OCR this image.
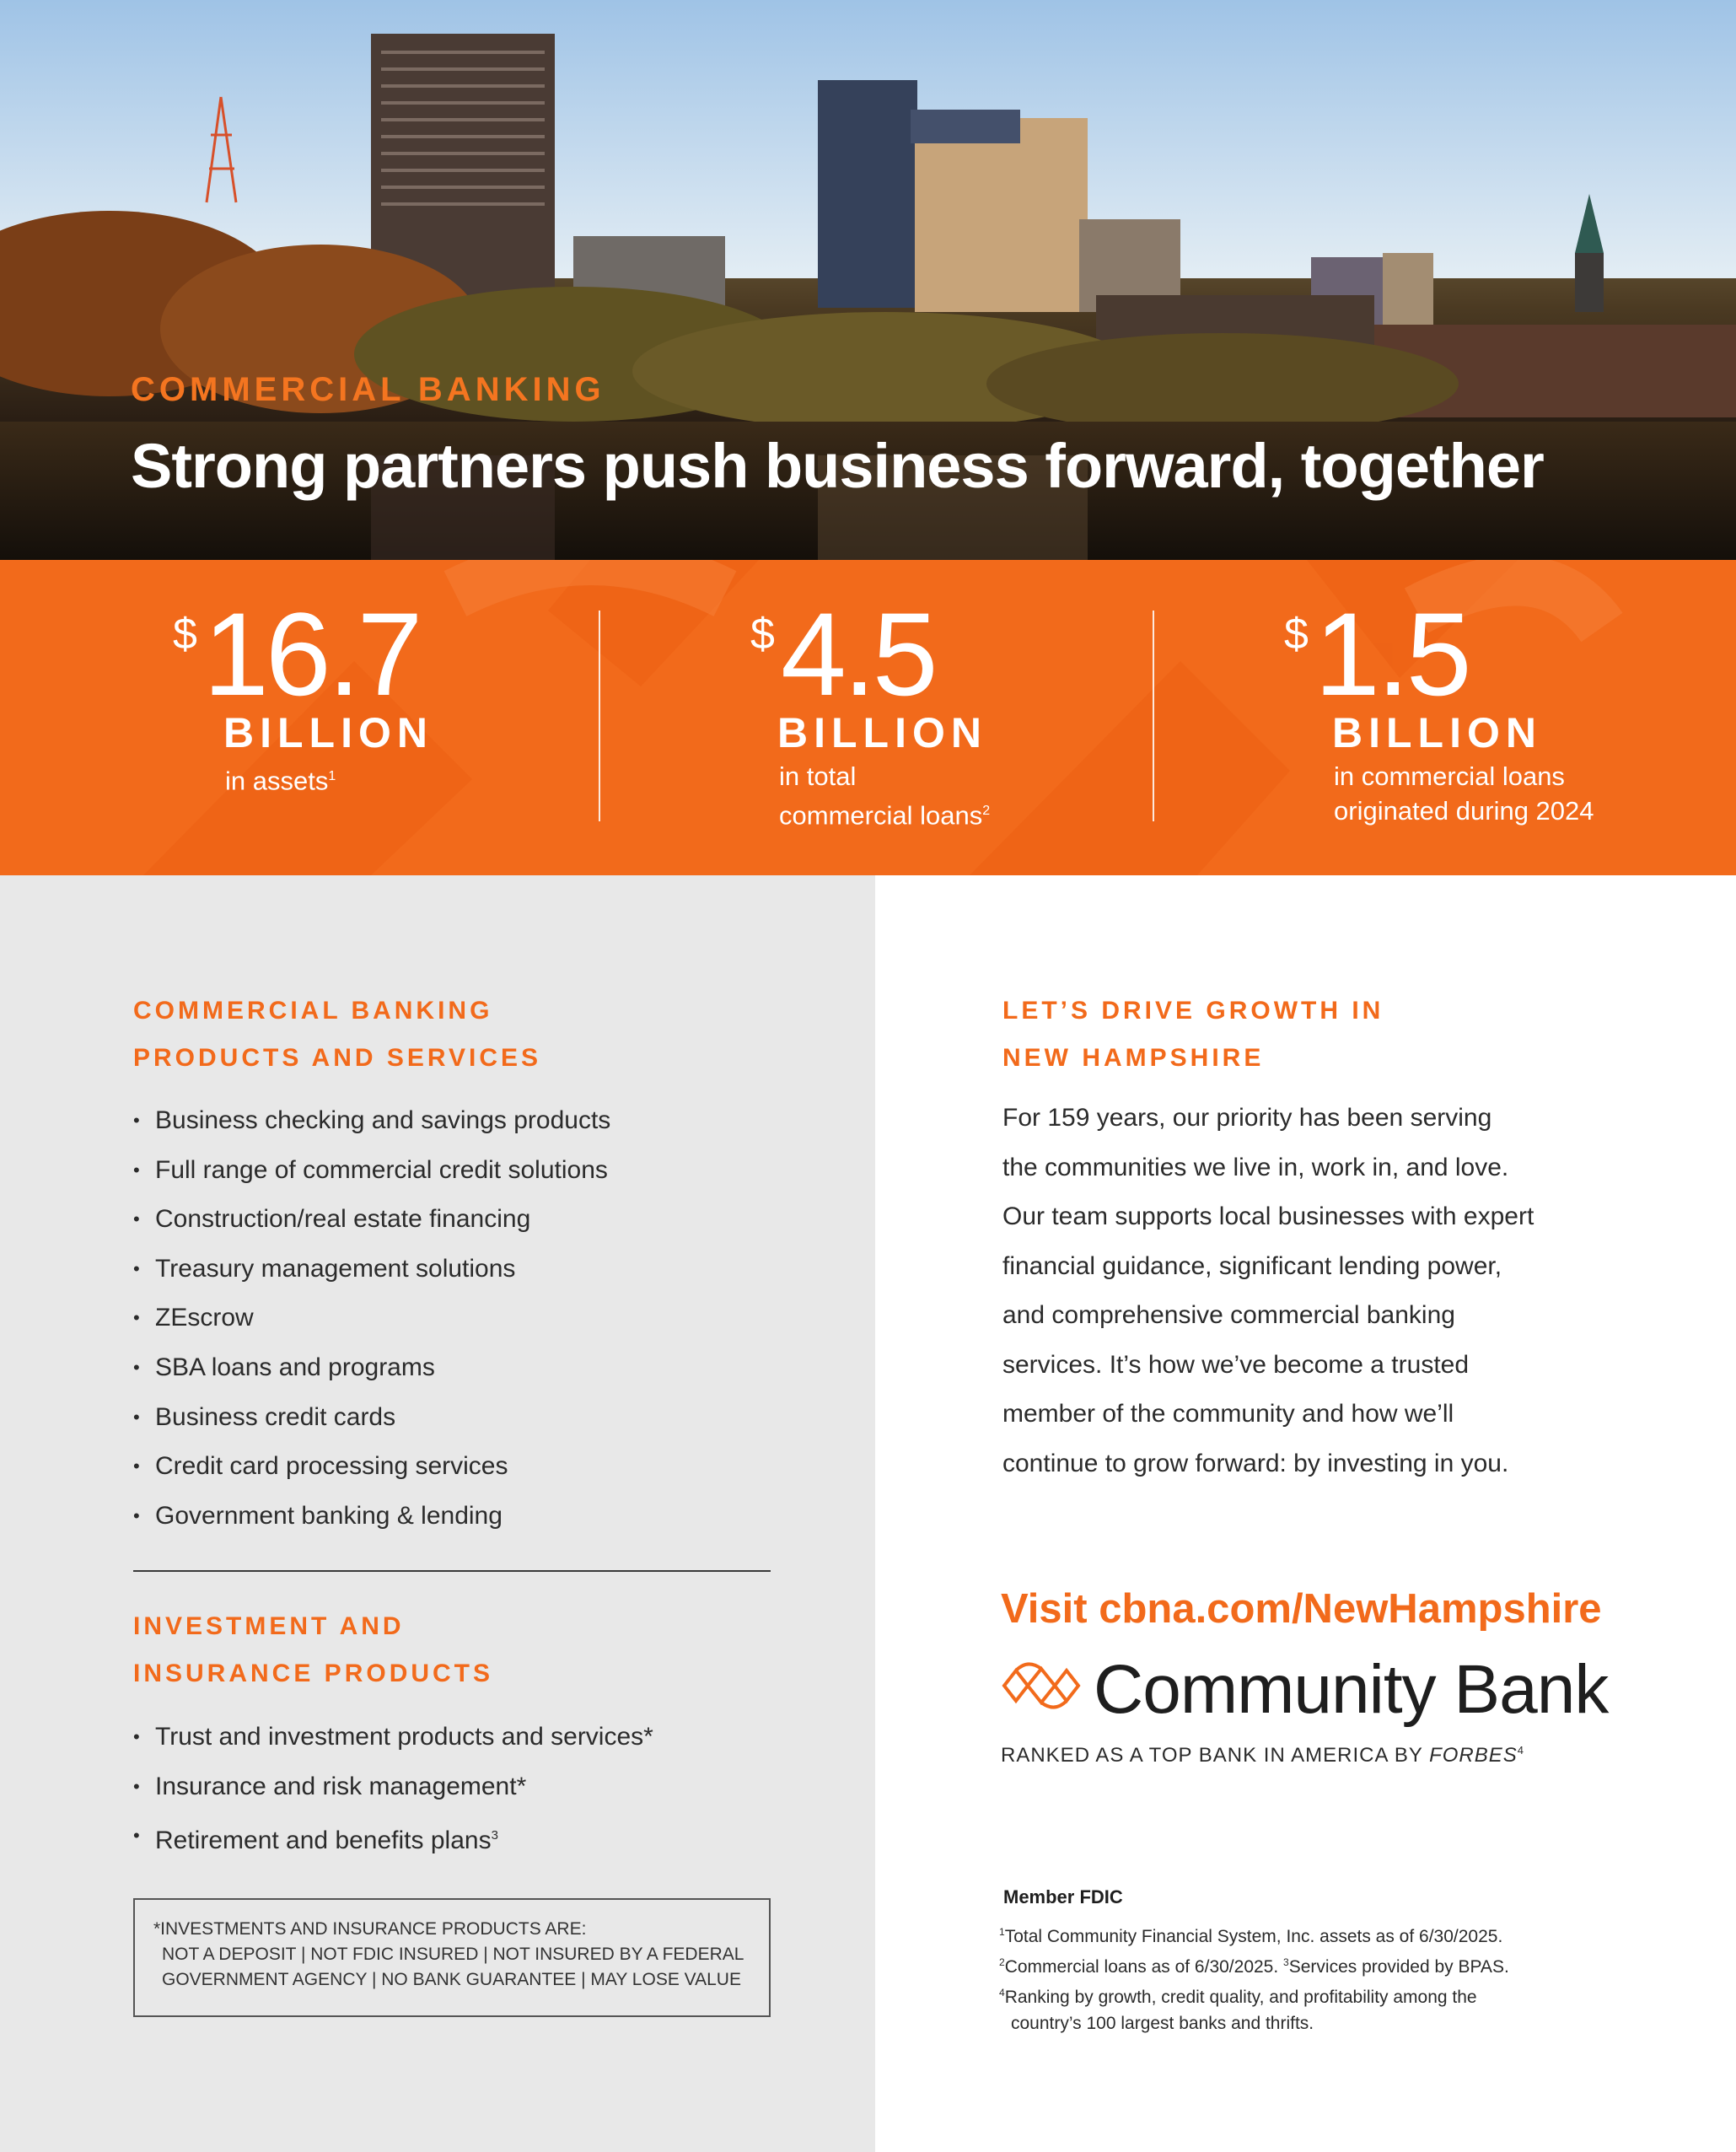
COMMERCIAL BANKING
Strong partners push business forward, together
$ 16.7
BILLION
in assets$^1$
$ 4.5
BILLION
in total
commercial loans$^2$
$ 1.5
BILLION
in commercial loans
originated during 2024
COMMERCIAL BANKING
PRODUCTS AND SERVICES
• Business checking and savings products
• Full range of commercial credit solutions
• Construction/real estate financing
• Treasury management solutions
• ZEscrow
• SBA loans and programs
• Business credit cards
• Credit card processing services
• Government banking & lending
INVESTMENT AND
INSURANCE PRODUCTS
• Trust and investment products and services*
• Insurance and risk management*
• Retirement and benefits plans$^3$
*INVESTMENTS AND INSURANCE PRODUCTS ARE:
NOT A DEPOSIT | NOT FDIC INSURED | NOT INSURED BY A FEDERAL
GOVERNMENT AGENCY | NO BANK GUARANTEE | MAY LOSE VALUE
LET’S DRIVE GROWTH IN
NEW HAMPSHIRE
For 159 years, our priority has been serving
the communities we live in, work in, and love.
Our team supports local businesses with expert
financial guidance, significant lending power,
and comprehensive commercial banking
services. It’s how we’ve become a trusted
member of the community and how we’ll
continue to grow forward: by investing in you.
Visit cbna.com/NewHampshire
Community Bank
RANKED AS A TOP BANK IN AMERICA BY FORBES$^4$
Member FDIC
$^1$Total Community Financial System, Inc. assets as of 6/30/2025.
$^2$Commercial loans as of 6/30/2025. $^3$Services provided by BPAS.
$^4$Ranking by growth, credit quality, and profitability among the
country’s 100 largest banks and thrifts.
